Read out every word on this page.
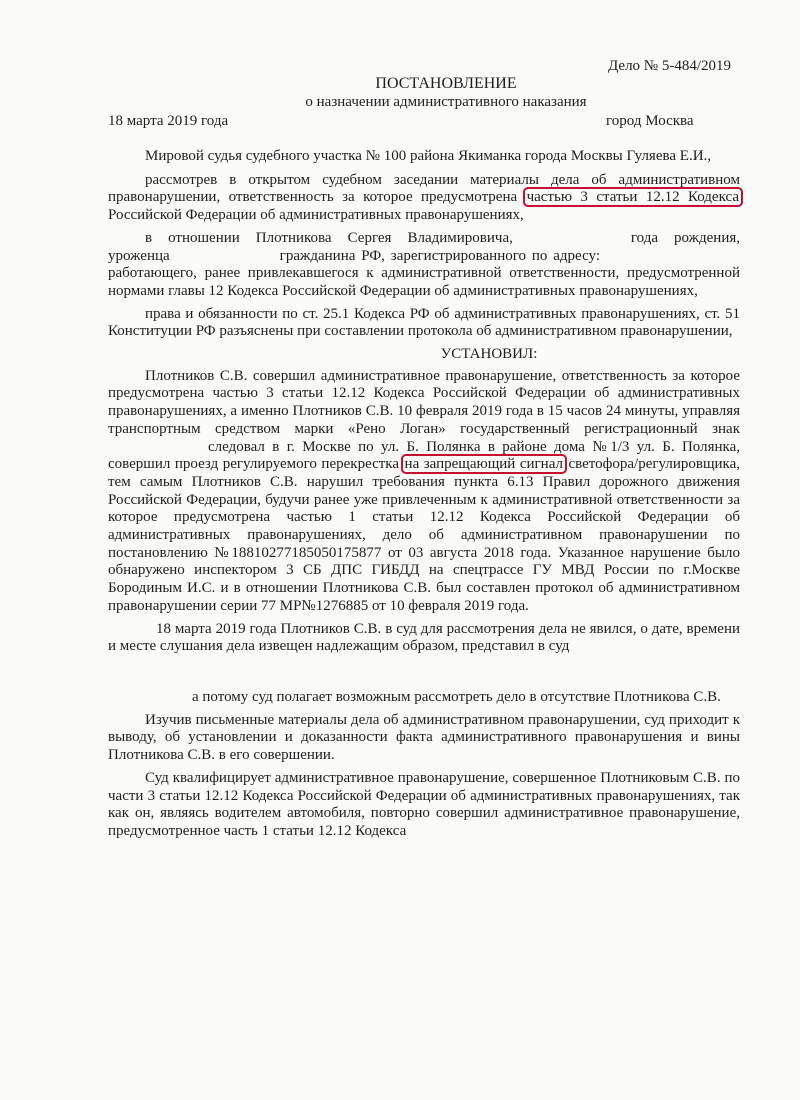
Дело № 5-484/2019
ПОСТАНОВЛЕНИЕ
о назначении административного наказания
18 марта 2019 года	город Москва

Мировой судья судебного участка № 100 района Якиманка города Москвы Гуляева Е.И.,

рассмотрев в открытом судебном заседании материалы дела об административном правонарушении, ответственность за которое предусмотрена частью 3 статьи 12.12 Кодекса Российской Федерации об административных правонарушениях,

в отношении Плотникова Сергея Владимировича,	года рождения, уроженца	гражданина РФ, зарегистрированного по адресу:работающего, ранее привлекавшегося к административной ответственности, предусмотренной нормами главы 12 Кодекса Российской Федерации об административных правонарушениях,

права и обязанности по ст. 25.1 Кодекса РФ об административных правонарушениях, ст. 51 Конституции РФ разъяснены при составлении протокола об административном правонарушении,

УСТАНОВИЛ:

Плотников С.В. совершил административное правонарушение, ответственность за которое предусмотрена частью 3 статьи 12.12 Кодекса Российской Федерации об административных правонарушениях, а именно Плотников С.В. 10 февраля 2019 года в 15 часов 24 минуты, управляя транспортным средством марки «Рено Логан» государственный регистрационный знакследовал в г. Москве по ул. Б. Полянка в районе дома №1/3 ул. Б. Полянка, совершил проезд регулируемого перекрестка на запрещающий сигнал светофора/регулировщика, тем самым Плотников С.В. нарушил требования пункта 6.13 Правил дорожного движения Российской Федерации, будучи ранее уже привлеченным к административной ответственности за которое предусмотрена частью 1 статьи 12.12 Кодекса Российской Федерации об административных правонарушениях, дело об административном правонарушении по постановлению №18810277185050175877 от 03 августа 2018 года. Указанное нарушение было обнаружено инспектором 3 СБ ДПС ГИБДД на спецтрассе ГУ МВД России по г.Москве Бородиным И.С. и в отношении Плотникова С.В. был составлен протокол об административном правонарушении серии 77 МР№1276885 от 10 февраля 2019 года.

18 марта 2019 года Плотников С.В. в суд для рассмотрения дела не явился, о дате, времени и месте слушания дела извещен надлежащим образом, представил в суд

а потому суд полагает возможным рассмотреть дело в отсутствие Плотникова С.В.

Изучив письменные материалы дела об административном правонарушении, суд приходит к выводу, об установлении и доказанности факта административного правонарушения и вины Плотникова С.В. в его совершении.

Суд квалифицирует административное правонарушение, совершенное Плотниковым С.В. по части 3 статьи 12.12 Кодекса Российской Федерации об административных правонарушениях, так как он, являясь водителем автомобиля, повторно совершил административное правонарушение, предусмотренное часть 1 статьи 12.12 Кодекса
